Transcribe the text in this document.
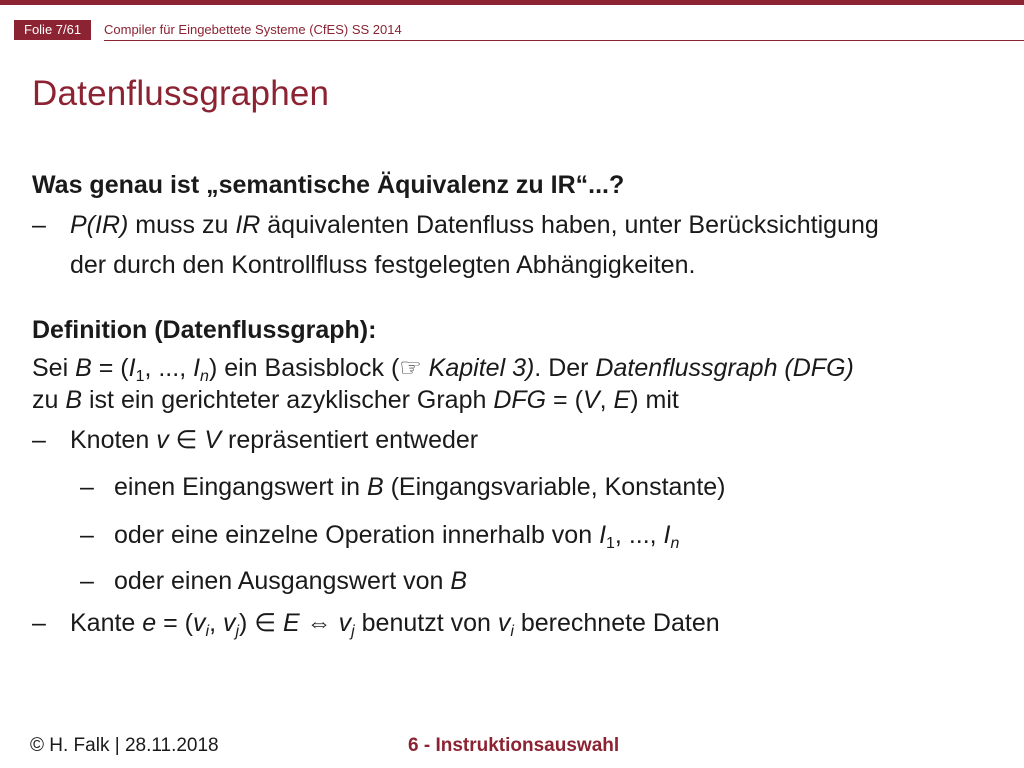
Folie 7/61	Compiler für Eingebettete Systeme (CfES) SS 2014
Datenflussgraphen
Was genau ist „semantische Äquivalenz zu IR“...?
– P(IR) muss zu IR äquivalenten Datenfluss haben, unter Berücksichtigung
der durch den Kontrollfluss festgelegten Abhängigkeiten.
Definition (Datenflussgraph):
Sei $B = (I_1$, ..., $I_n$) ein Basisblock (☞ Kapitel 3). Der Datenflussgraph (DFG)
zu B ist ein gerichteter azyklischer Graph DFG = (V, E) mit
– Knoten v ∈ V repräsentiert entweder
– einen Eingangswert in B (Eingangsvariable, Konstante)
– oder eine einzelne Operation innerhalb von $I_1$, ..., $I_n$
– oder einen Ausgangswert von B
– Kante $e = (v_i$, $v_j$) ∈ E ⇔ $v_j$ benutzt von $v_i$ berechnete Daten
© H. Falk | 28.11.2018	6 - Instruktionsauswahl
